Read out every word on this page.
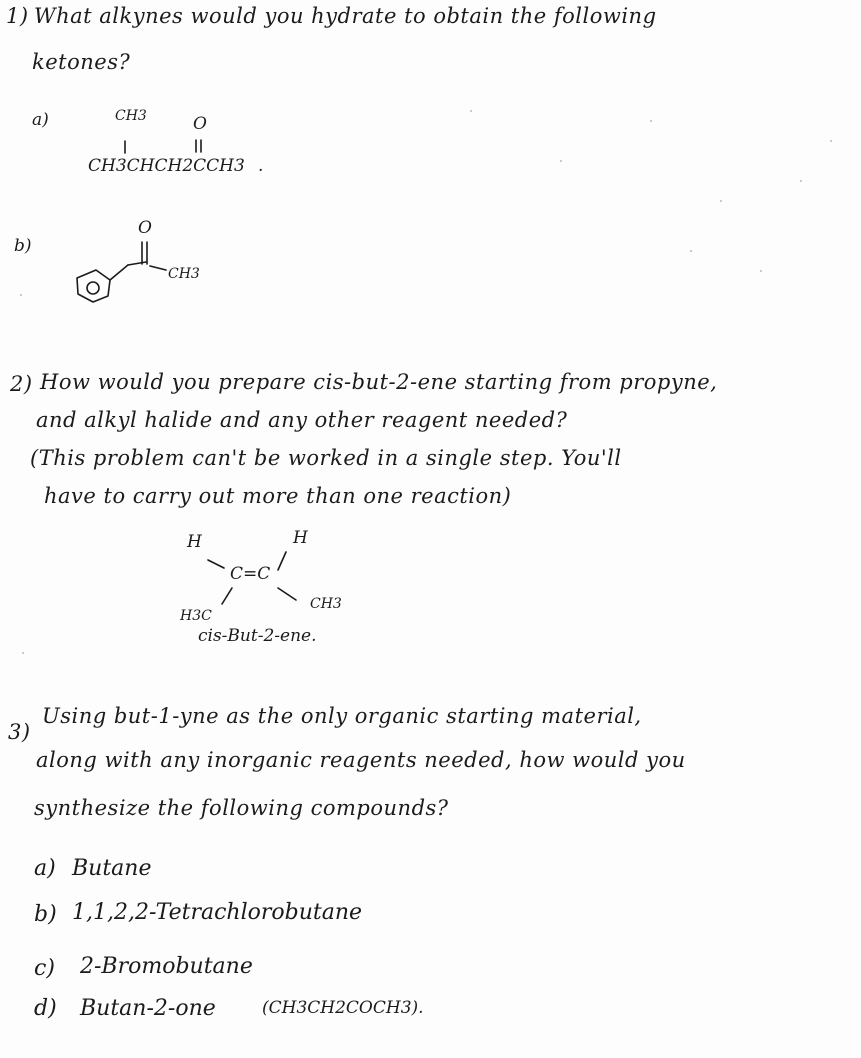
1) What alkynes would you hydrate to obtain the following
ketones?
a)	CH3	O
CH3CHCH2CCH3 .
b)
O
CH3
2) How would you prepare cis-but-2-ene starting from propyne,
and alkyl halide and any other reagent needed?
(This problem can't be worked in a single step. You'll
have to carry out more than one reaction)
H	H
C=C
H3C
CH3
cis-But-2-ene.
3)
Using but-1-yne as the only organic starting material,
along with any inorganic reagents needed, how would you
synthesize the following compounds?
a) Butane
b) 1,1,2,2-Tetrachlorobutane
c) 2-Bromobutane
d) Butan-2-one	(CH3CH2COCH3).
